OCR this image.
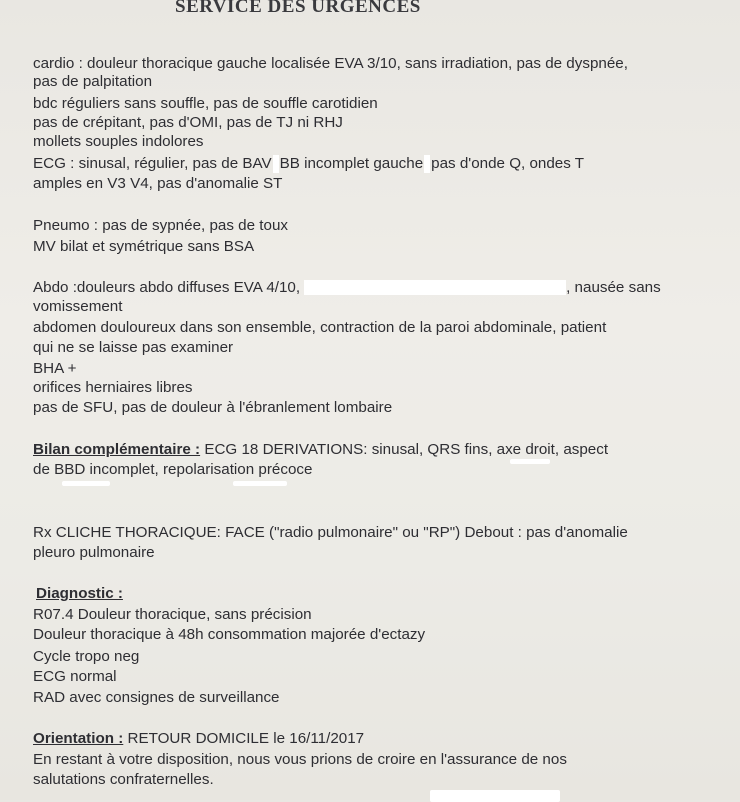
SERVICE DES URGENCES
cardio : douleur thoracique gauche localisée EVA 3/10, sans irradiation, pas de dyspnée,
pas de palpitation
bdc réguliers sans souffle, pas de souffle carotidien
pas de crépitant, pas d'OMI, pas de TJ ni RHJ
mollets souples indolores
ECG : sinusal, régulier, pas de BAV BB incomplet gauche pas d'onde Q, ondes T
amples en V3 V4, pas d'anomalie ST
Pneumo : pas de sypnée, pas de toux
MV bilat et symétrique sans BSA
Abdo :douleurs abdo diffuses EVA 4/10,	, nausée sans
vomissement
abdomen douloureux dans son ensemble, contraction de la paroi abdominale, patient
qui ne se laisse pas examiner
BHA +
orifices herniaires libres
pas de SFU, pas de douleur à l'ébranlement lombaire
Bilan complémentaire : ECG 18 DERIVATIONS: sinusal, QRS fins, axe droit, aspect
de BBD incomplet, repolarisation précoce
Rx CLICHE THORACIQUE: FACE ("radio pulmonaire" ou "RP") Debout : pas d'anomalie
pleuro pulmonaire
Diagnostic :
R07.4 Douleur thoracique, sans précision
Douleur thoracique à 48h consommation majorée d'ectazy
Cycle tropo neg
ECG normal
RAD avec consignes de surveillance
Orientation : RETOUR DOMICILE le 16/11/2017
En restant à votre disposition, nous vous prions de croire en l'assurance de nos
salutations confraternelles.
